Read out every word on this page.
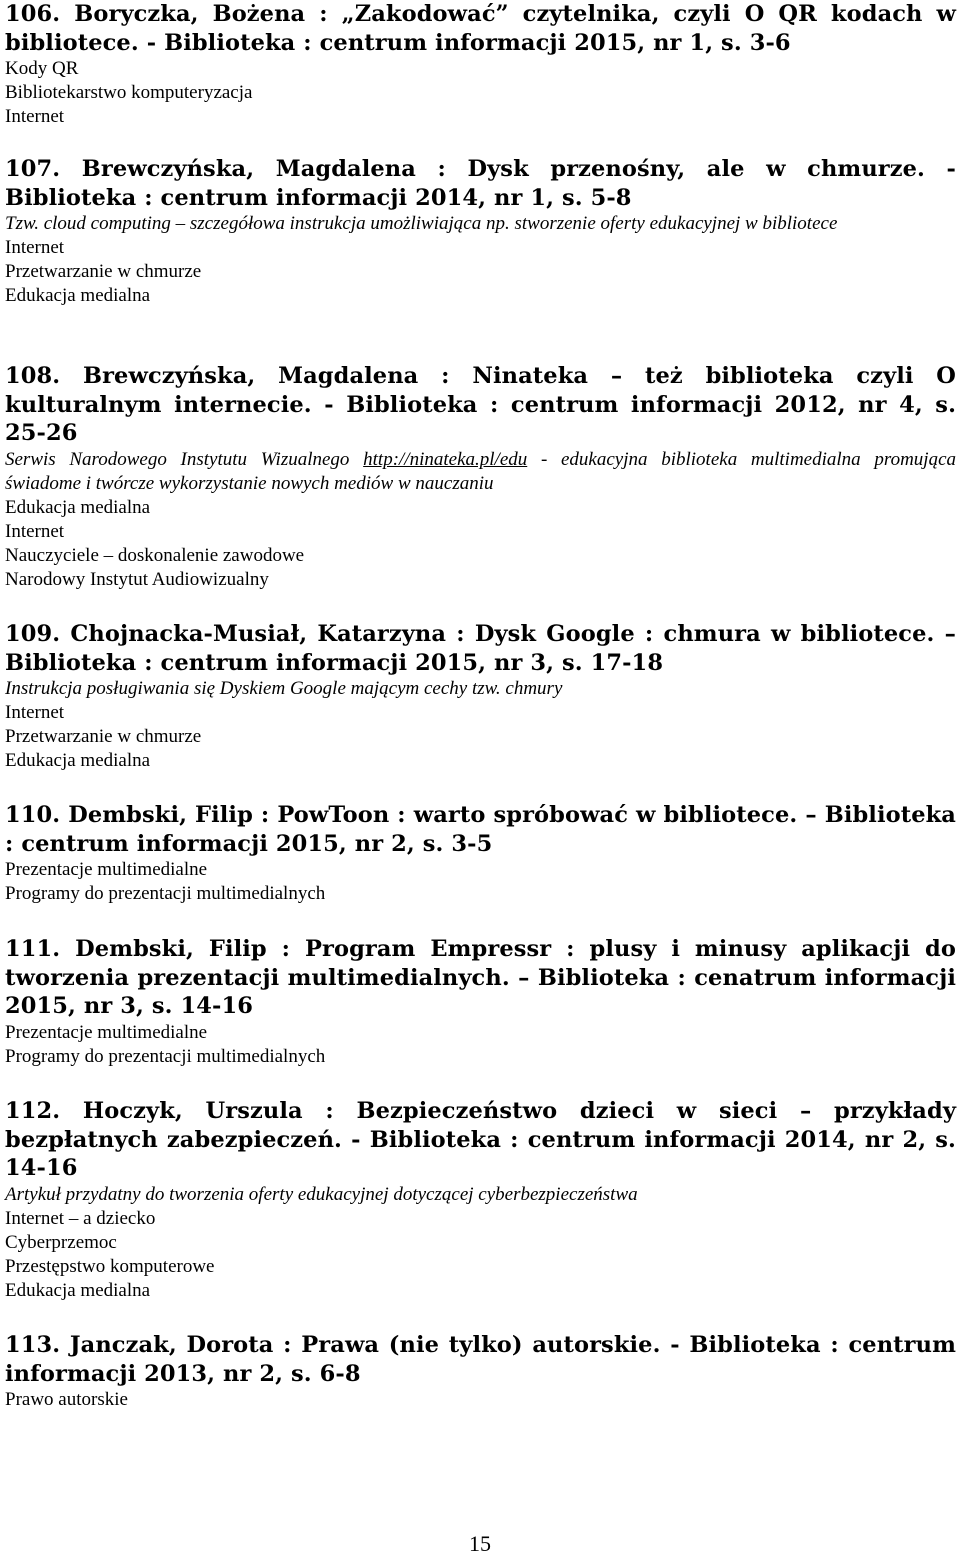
106. Boryczka, Bożena : „Zakodować” czytelnika, czyli O QR kodach w bibliotece. - Biblioteka : centrum informacji 2015, nr 1, s. 3-6
Kody QR
Bibliotekarstwo komputeryzacja
Internet
107. Brewczyńska, Magdalena : Dysk przenośny, ale w chmurze. - Biblioteka : centrum informacji 2014, nr 1, s. 5-8
Tzw. cloud computing – szczegółowa instrukcja umożliwiająca np. stworzenie oferty edukacyjnej w bibliotece
Internet
Przetwarzanie w chmurze
Edukacja medialna
108. Brewczyńska, Magdalena : Ninateka – też biblioteka czyli O kulturalnym internecie. - Biblioteka : centrum informacji 2012, nr 4, s. 25-26
Serwis Narodowego Instytutu Wizualnego http://ninateka.pl/edu - edukacyjna biblioteka multimedialna promująca świadome i twórcze wykorzystanie nowych mediów w nauczaniu
Edukacja medialna
Internet
Nauczyciele – doskonalenie zawodowe
Narodowy Instytut Audiowizualny
109. Chojnacka-Musiał, Katarzyna : Dysk Google : chmura w bibliotece. – Biblioteka : centrum informacji 2015, nr 3, s. 17-18
Instrukcja posługiwania się Dyskiem Google mającym cechy tzw. chmury
Internet
Przetwarzanie w chmurze
Edukacja medialna
110. Dembski, Filip : PowToon : warto spróbować w bibliotece. – Biblioteka : centrum informacji 2015, nr 2, s. 3-5
Prezentacje multimedialne
Programy do prezentacji multimedialnych
111. Dembski, Filip : Program Empressr : plusy i minusy aplikacji do tworzenia prezentacji multimedialnych. – Biblioteka : cenatrum informacji 2015, nr 3, s. 14-16
Prezentacje multimedialne
Programy do prezentacji multimedialnych
112. Hoczyk, Urszula : Bezpieczeństwo dzieci w sieci – przykłady bezpłatnych zabezpieczeń. - Biblioteka : centrum informacji 2014, nr 2, s. 14-16
Artykuł przydatny do tworzenia oferty edukacyjnej dotyczącej cyberbezpieczeństwa
Internet – a dziecko
Cyberprzemoc
Przestępstwo komputerowe
Edukacja medialna
113. Janczak, Dorota : Prawa (nie tylko) autorskie. - Biblioteka : centrum informacji 2013, nr 2, s. 6-8
Prawo autorskie
15
